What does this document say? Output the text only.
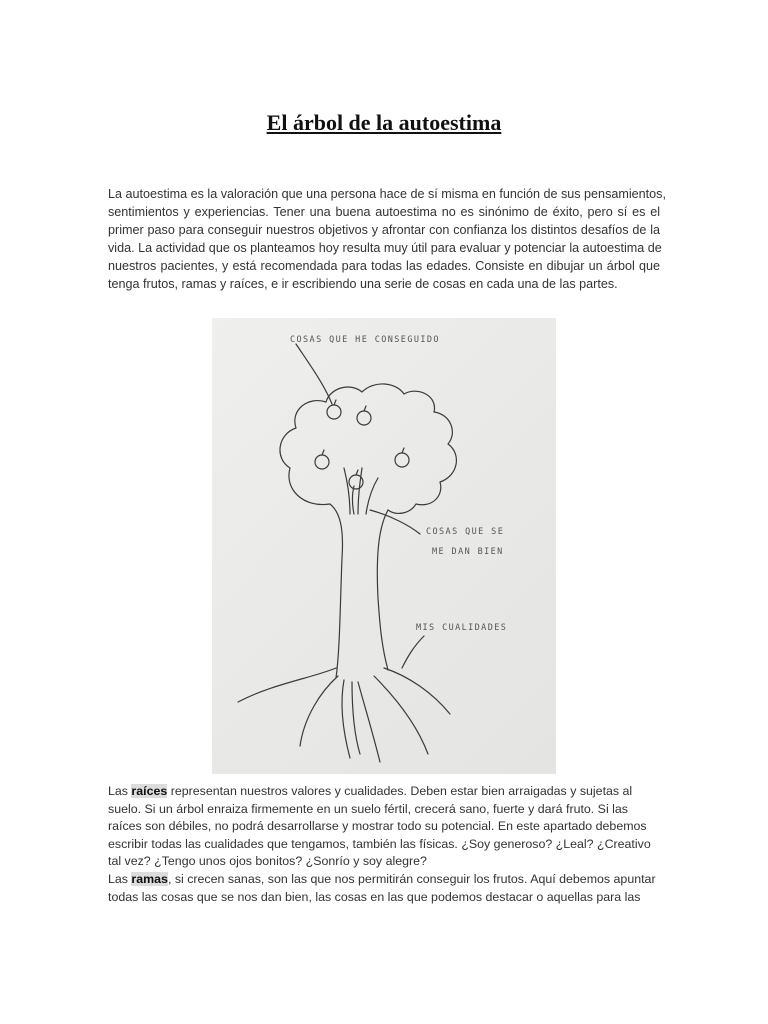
El árbol de la autoestima
La autoestima es la valoración que una persona hace de sí misma en función de sus pensamientos,
sentimientos y experiencias. Tener una buena autoestima no es sinónimo de éxito, pero sí es el
primer paso para conseguir nuestros objetivos y afrontar con confianza los distintos desafíos de la
vida. La actividad que os planteamos hoy resulta muy útil para evaluar y potenciar la autoestima de
nuestros pacientes, y está recomendada para todas las edades. Consiste en dibujar un árbol que
tenga frutos, ramas y raíces, e ir escribiendo una serie de cosas en cada una de las partes.
COSAS QUE HE CONSEGUIDO
COSAS QUE SE
ME DAN BIEN
MIS CUALIDADES
Las raíces representan nuestros valores y cualidades. Deben estar bien arraigadas y sujetas al
suelo. Si un árbol enraiza firmemente en un suelo fértil, crecerá sano, fuerte y dará fruto. Si las
raíces son débiles, no podrá desarrollarse y mostrar todo su potencial. En este apartado debemos
escribir todas las cualidades que tengamos, también las físicas. ¿Soy generoso? ¿Leal? ¿Creativo
tal vez? ¿Tengo unos ojos bonitos? ¿Sonrío y soy alegre?
Las ramas, si crecen sanas, son las que nos permitirán conseguir los frutos. Aquí debemos apuntar
todas las cosas que se nos dan bien, las cosas en las que podemos destacar o aquellas para las
